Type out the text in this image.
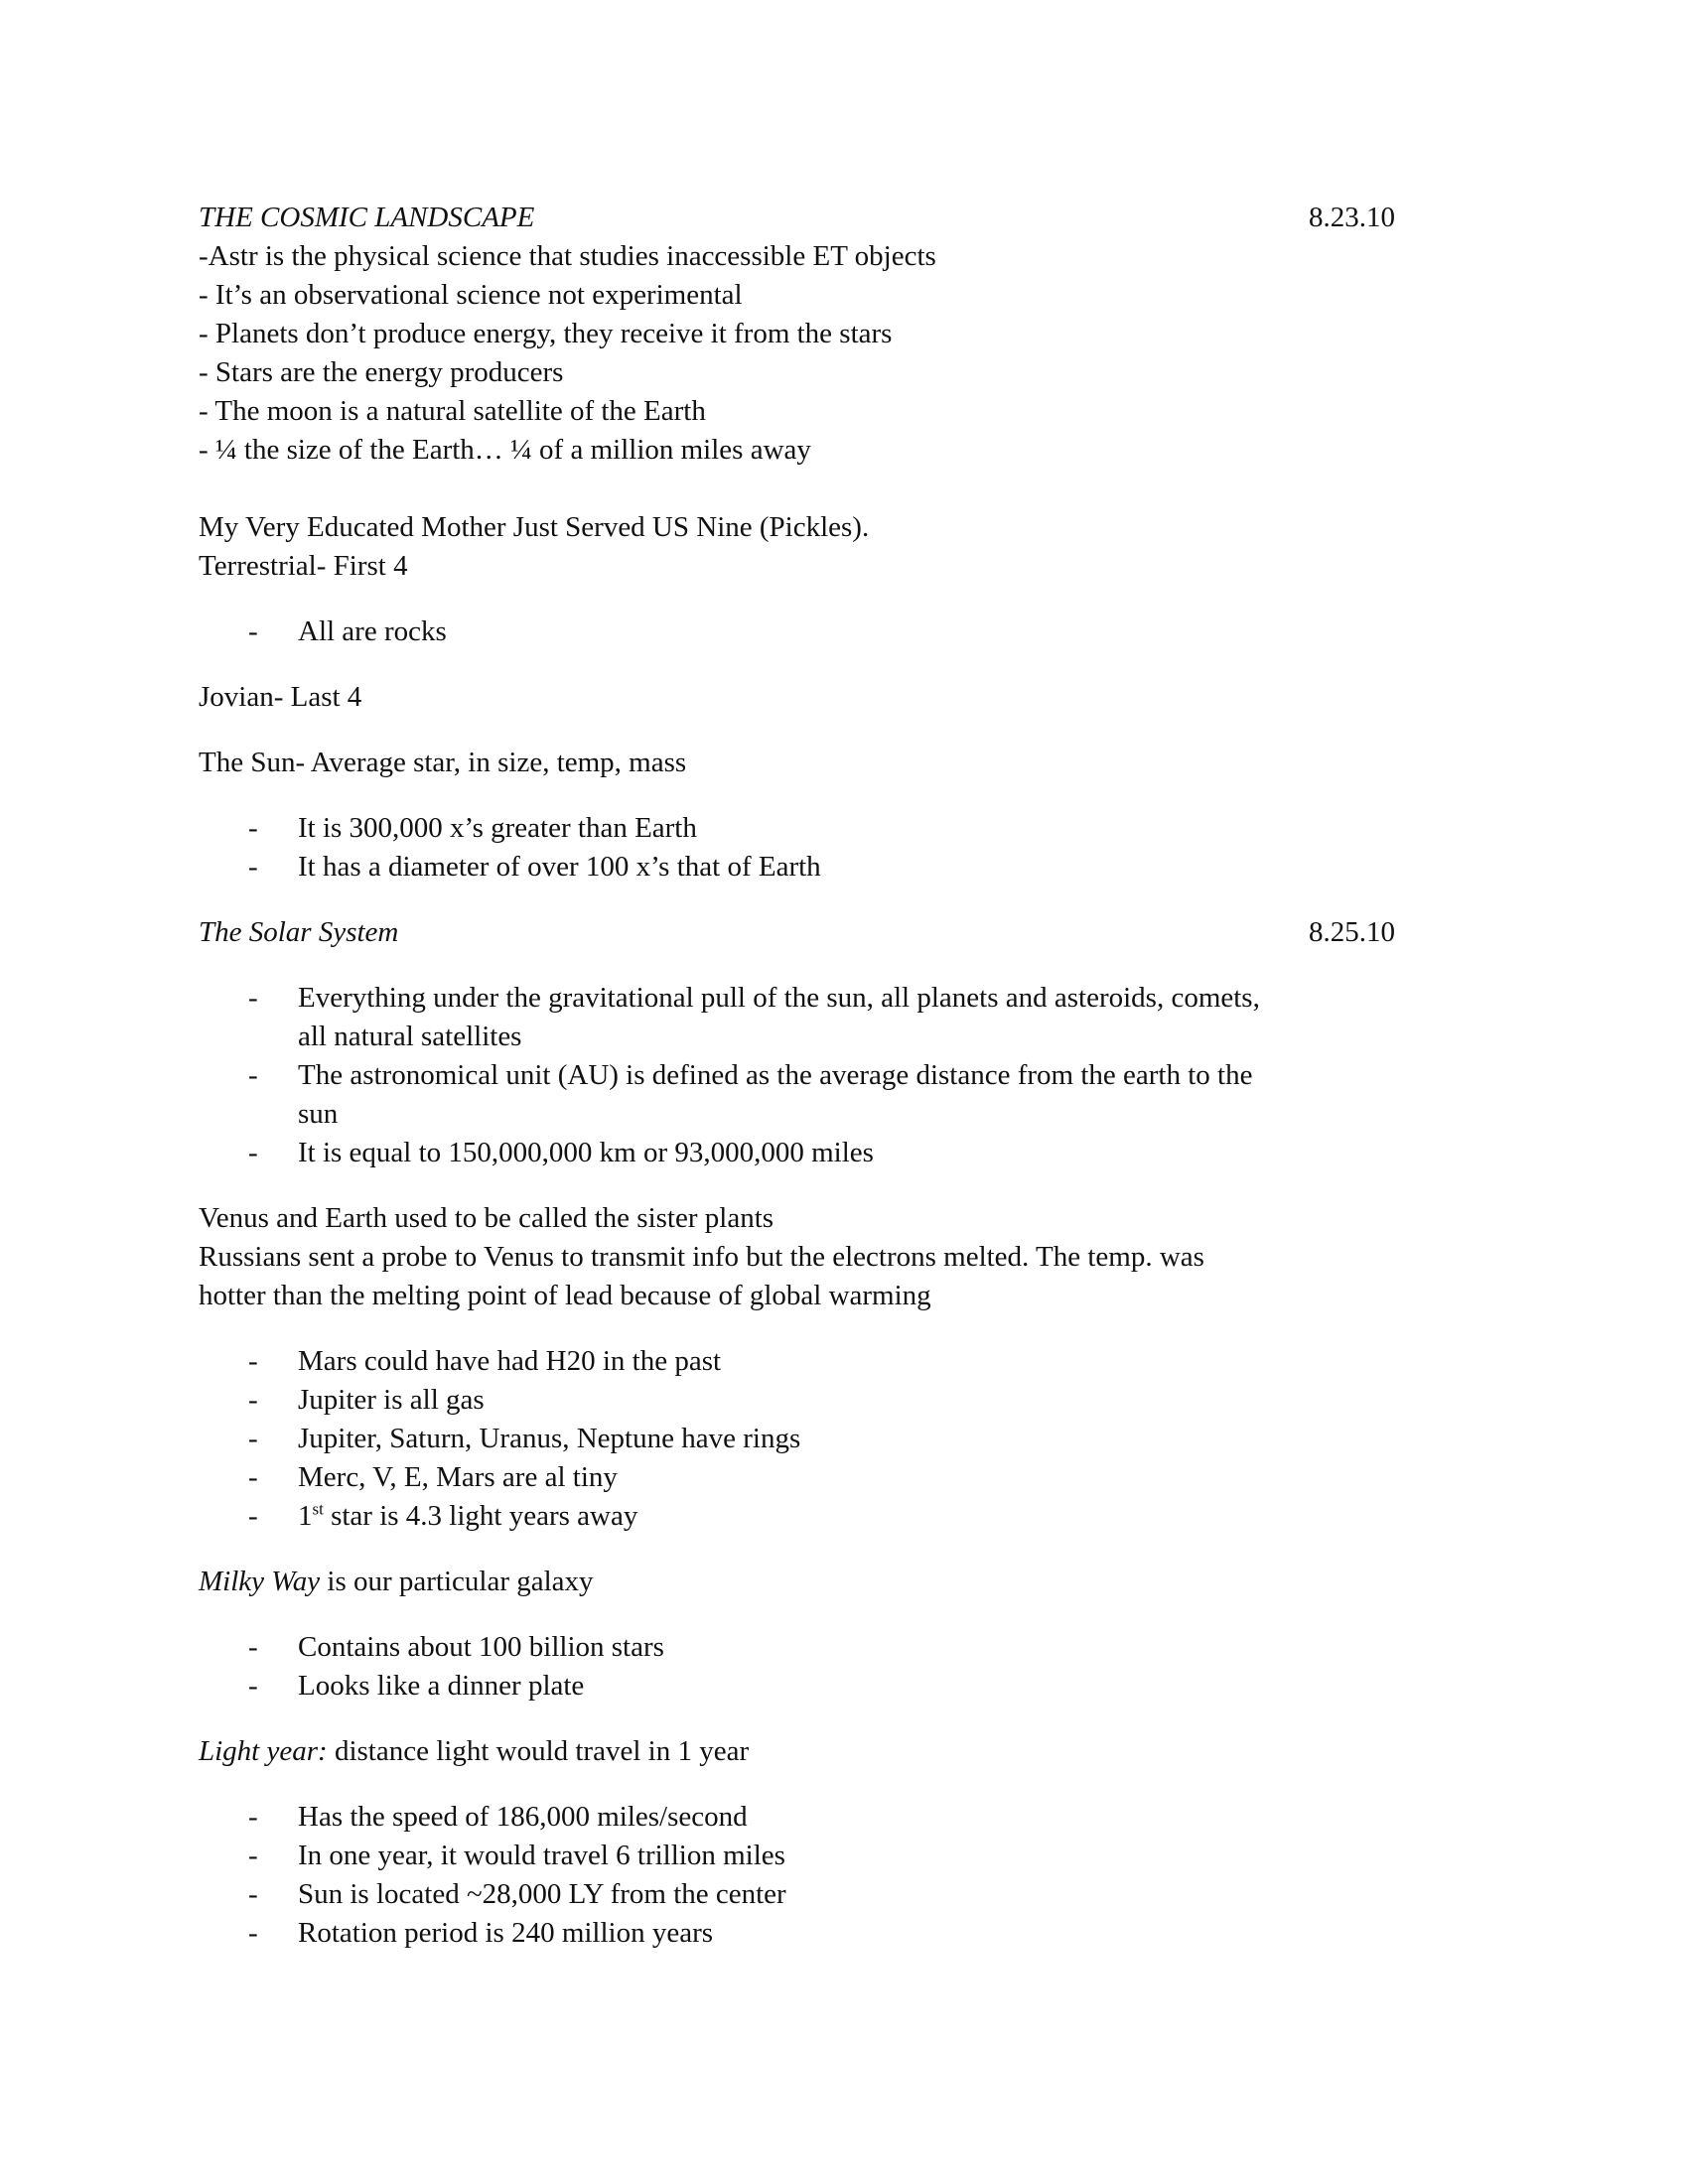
THE COSMIC LANDSCAPE	8.23.10
-Astr is the physical science that studies inaccessible ET objects
- It’s an observational science not experimental
- Planets don’t produce energy, they receive it from the stars
- Stars are the energy producers
- The moon is a natural satellite of the Earth
- ¼ the size of the Earth… ¼ of a million miles away
My Very Educated Mother Just Served US Nine (Pickles).
Terrestrial- First 4
- All are rocks
Jovian- Last 4
The Sun- Average star, in size, temp, mass
- It is 300,000 x’s greater than Earth
- It has a diameter of over 100 x’s that of Earth
The Solar System	8.25.10
- Everything under the gravitational pull of the sun, all planets and asteroids, comets, all natural satellites
- The astronomical unit (AU) is defined as the average distance from the earth to the sun
- It is equal to 150,000,000 km or 93,000,000 miles
Venus and Earth used to be called the sister plants
Russians sent a probe to Venus to transmit info but the electrons melted. The temp. was
hotter than the melting point of lead because of global warming
- Mars could have had H20 in the past
- Jupiter is all gas
- Jupiter, Saturn, Uranus, Neptune have rings
- Merc, V, E, Mars are al tiny
- 1st star is 4.3 light years away
Milky Way is our particular galaxy
- Contains about 100 billion stars
- Looks like a dinner plate
Light year: distance light would travel in 1 year
- Has the speed of 186,000 miles/second
- In one year, it would travel 6 trillion miles
- Sun is located ~28,000 LY from the center
- Rotation period is 240 million years
